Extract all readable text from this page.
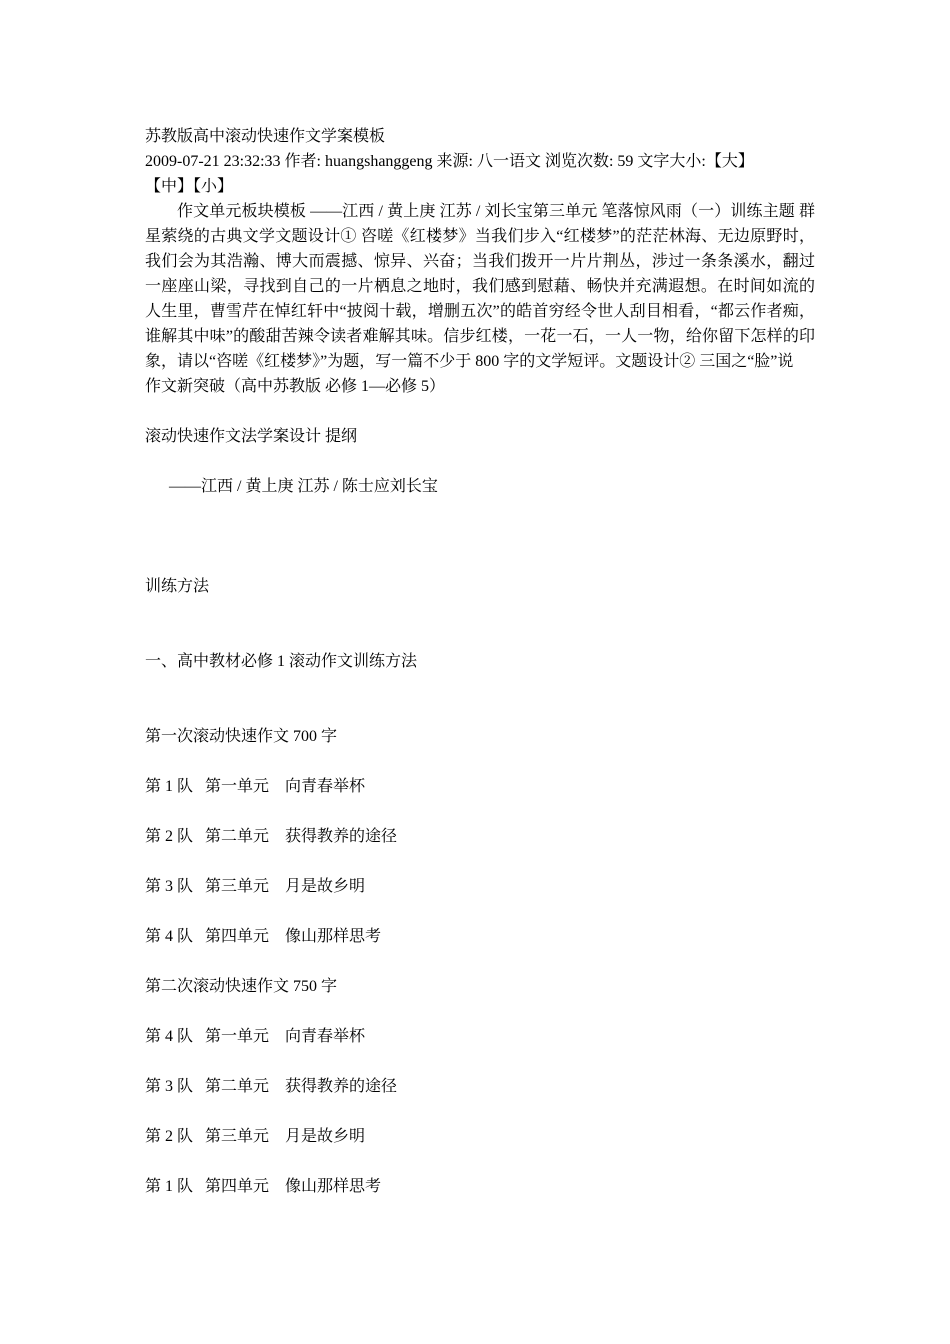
苏教版高中滚动快速作文学案模板

2009-07-21 23:32:33 作者: huangshanggeng 来源: 八一语文 浏览次数: 59 文字大小:【大】

【中】【小】

作文单元板块模板 ——江西 / 黄上庚 江苏 / 刘长宝第三单元 笔落惊风雨（一）训练主题 群星萦绕的古典文学文题设计① 咨嗟《红楼梦》当我们步入“红楼梦”的茫茫林海、无边原野时，我们会为其浩瀚、博大而震撼、惊异、兴奋；当我们拨开一片片荆丛，涉过一条条溪水，翻过一座座山梁，寻找到自己的一片栖息之地时，我们感到慰藉、畅快并充满遐想。在时间如流的人生里，曹雪芹在悼红轩中“披阅十载，增删五次”的皓首穷经令世人刮目相看，“都云作者痴，谁解其中味”的酸甜苦辣令读者难解其味。信步红楼，一花一石，一人一物，给你留下怎样的印象，请以“咨嗟《红楼梦》”为题，写一篇不少于 800 字的文学短评。文题设计② 三国之“脸”说

作文新突破（高中苏教版 必修 1—必修 5）

滚动快速作文法学案设计 提纲

——江西 / 黄上庚 江苏 / 陈士应刘长宝

训练方法

一、高中教材必修 1 滚动作文训练方法

第一次滚动快速作文 700 字

第 1 队   第一单元    向青春举杯

第 2 队   第二单元    获得教养的途径

第 3 队   第三单元    月是故乡明

第 4 队   第四单元    像山那样思考

第二次滚动快速作文 750 字

第 4 队   第一单元    向青春举杯

第 3 队   第二单元    获得教养的途径

第 2 队   第三单元    月是故乡明

第 1 队   第四单元    像山那样思考
